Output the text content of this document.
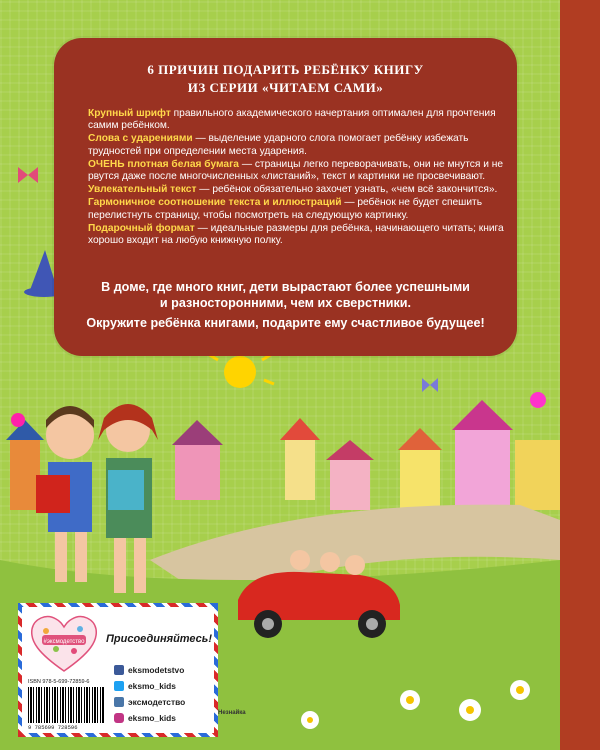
6 ПРИЧИН ПОДАРИТЬ РЕБЁНКУ КНИГУ
ИЗ СЕРИИ «ЧИТАЕМ САМИ»
Крупный шрифт правильного академического начертания оптимален для прочтения самим ребёнком.
Слова с ударениями — выделение ударного слога помогает ребёнку избежать трудностей при определении места ударения.
ОЧЕНЬ плотная белая бумага — страницы легко переворачивать, они не мнутся и не рвутся даже после многочисленных «листаний», текст и картинки не просвечивают.
Увлекательный текст — ребёнок обязательно захочет узнать, «чем всё закончится».
Гармоничное соотношение текста и иллюстраций — ребёнок не будет спешить перелистнуть страницу, чтобы посмотреть на следующую картинку.
Подарочный формат — идеальные размеры для ребёнка, начинающего читать; книга хорошо входит на любую книжную полку.
В доме, где много книг, дети вырастают более успешными
и разносторонними, чем их сверстники.
Окружите ребёнка книгами, подарите ему счастливое будущее!
#эксмодетство Присоединяйтесь!
eksmodetstvo
eksmo_kids
эксмодетство
eksmo_kids
ISBN 978-5-699-72859-6
9 785699 728596
Незнайка
